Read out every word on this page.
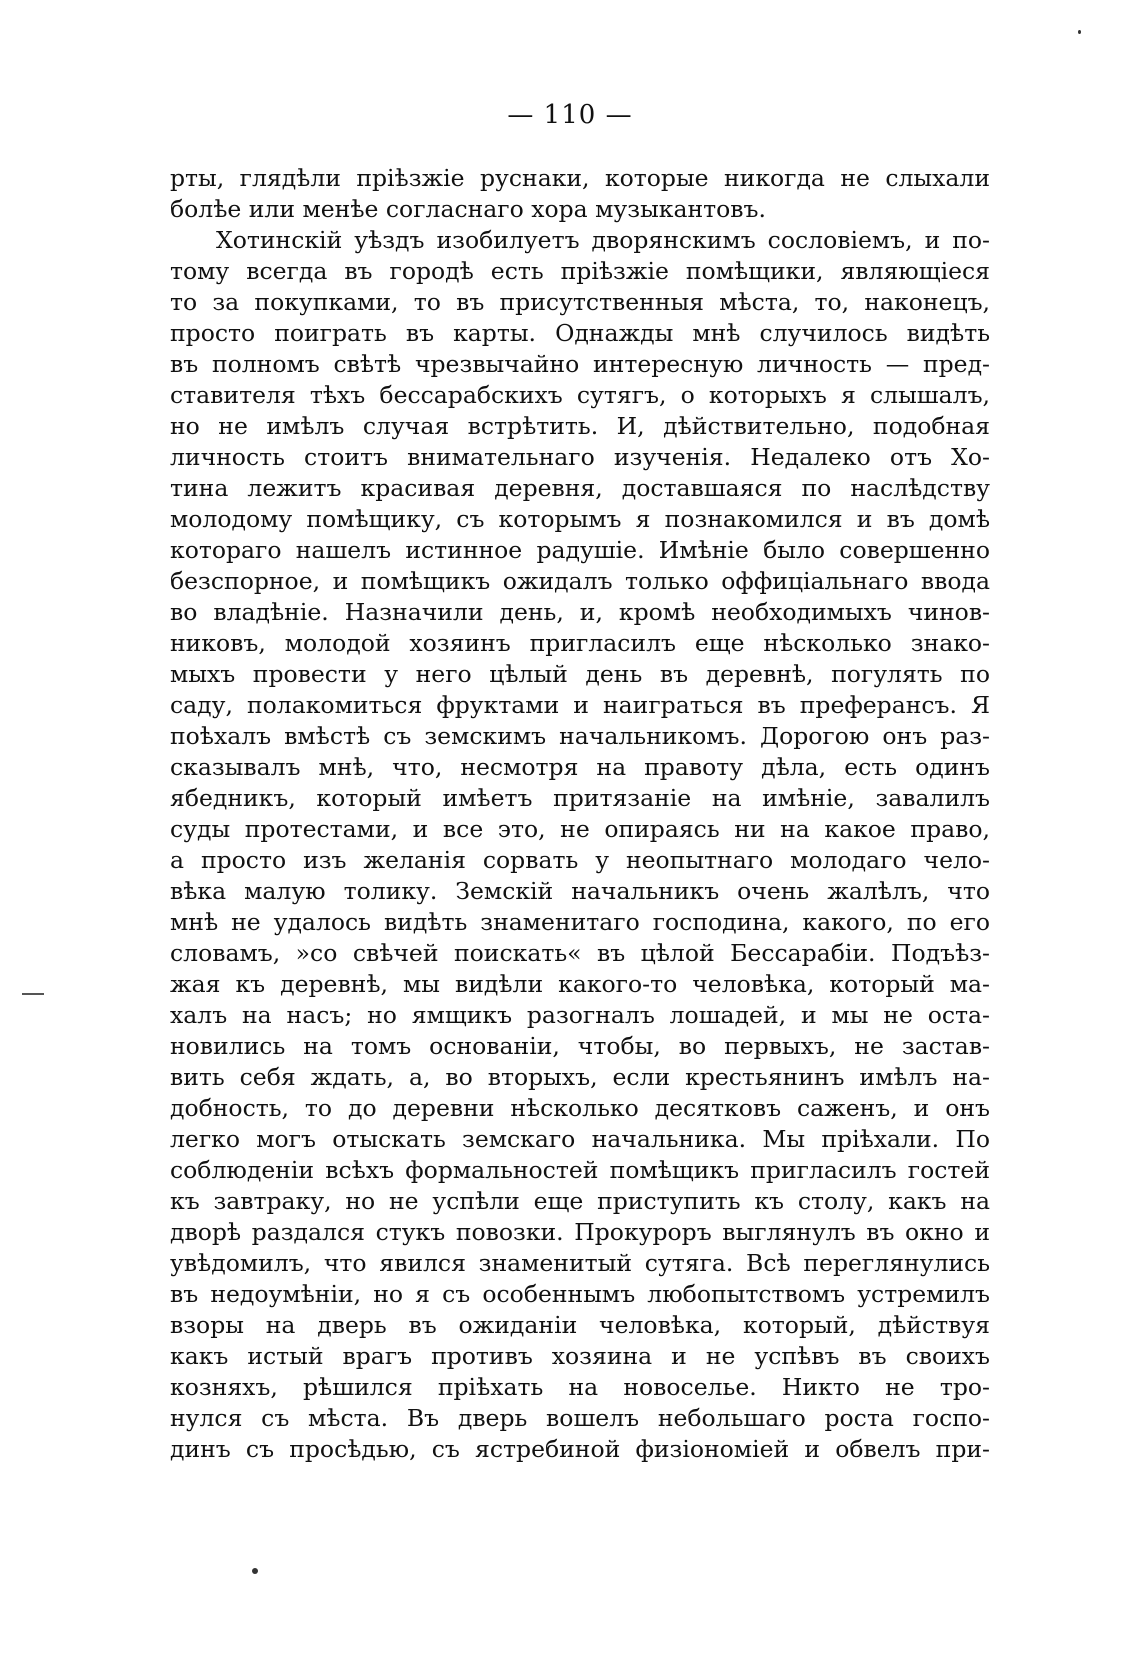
— 110 —
рты, глядѣли пріѣзжіе руснаки, которые никогда не слыхали
болѣе или менѣе согласнаго хора музыкантовъ.
Хотинскій уѣздъ изобилуетъ дворянскимъ сословіемъ, и по-
тому всегда въ городѣ есть пріѣзжіе помѣщики, являющіеся
то за покупками, то въ присутственныя мѣста, то, наконецъ,
просто поиграть въ карты. Однажды мнѣ случилось видѣть
въ полномъ свѣтѣ чрезвычайно интересную личность — пред-
ставителя тѣхъ бессарабскихъ сутягъ, о которыхъ я слышалъ,
но не имѣлъ случая встрѣтить. И, дѣйствительно, подобная
личность стоитъ внимательнаго изученія. Недалеко отъ Хо-
тина лежитъ красивая деревня, доставшаяся по наслѣдству
молодому помѣщику, съ которымъ я познакомился и въ домѣ
котораго нашелъ истинное радушіе. Имѣніе было совершенно
безспорное, и помѣщикъ ожидалъ только оффиціальнаго ввода
во владѣніе. Назначили день, и, кромѣ необходимыхъ чинов-
никовъ, молодой хозяинъ пригласилъ еще нѣсколько знако-
мыхъ провести у него цѣлый день въ деревнѣ, погулять по
саду, полакомиться фруктами и наиграться въ преферансъ. Я
поѣхалъ вмѣстѣ съ земскимъ начальникомъ. Дорогою онъ раз-
сказывалъ мнѣ, что, несмотря на правоту дѣла, есть одинъ
ябедникъ, который имѣетъ притязаніе на имѣніе, завалилъ
суды протестами, и все это, не опираясь ни на какое право,
а просто изъ желанія сорвать у неопытнаго молодаго чело-
вѣка малую толику. Земскій начальникъ очень жалѣлъ, что
мнѣ не удалось видѣть знаменитаго господина, какого, по его
словамъ, »со свѣчей поискать« въ цѣлой Бессарабіи. Подъѣз-
жая къ деревнѣ, мы видѣли какого-то человѣка, который ма-
халъ на насъ; но ямщикъ разогналъ лошадей, и мы не оста-
новились на томъ основаніи, чтобы, во первыхъ, не застав-
вить себя ждать, а, во вторыхъ, если крестьянинъ имѣлъ на-
добность, то до деревни нѣсколько десятковъ саженъ, и онъ
легко могъ отыскать земскаго начальника. Мы пріѣхали. По
соблюденіи всѣхъ формальностей помѣщикъ пригласилъ гостей
къ завтраку, но не успѣли еще приступить къ столу, какъ на
дворѣ раздался стукъ повозки. Прокуроръ выглянулъ въ окно и
увѣдомилъ, что явился знаменитый сутяга. Всѣ переглянулись
въ недоумѣніи, но я съ особеннымъ любопытствомъ устремилъ
взоры на дверь въ ожиданіи человѣка, который, дѣйствуя
какъ истый врагъ противъ хозяина и не успѣвъ въ своихъ
козняхъ, рѣшился пріѣхать на новоселье. Никто не тро-
нулся съ мѣста. Въ дверь вошелъ небольшаго роста госпо-
динъ съ просѣдью, съ ястребиной физіономіей и обвелъ при-
